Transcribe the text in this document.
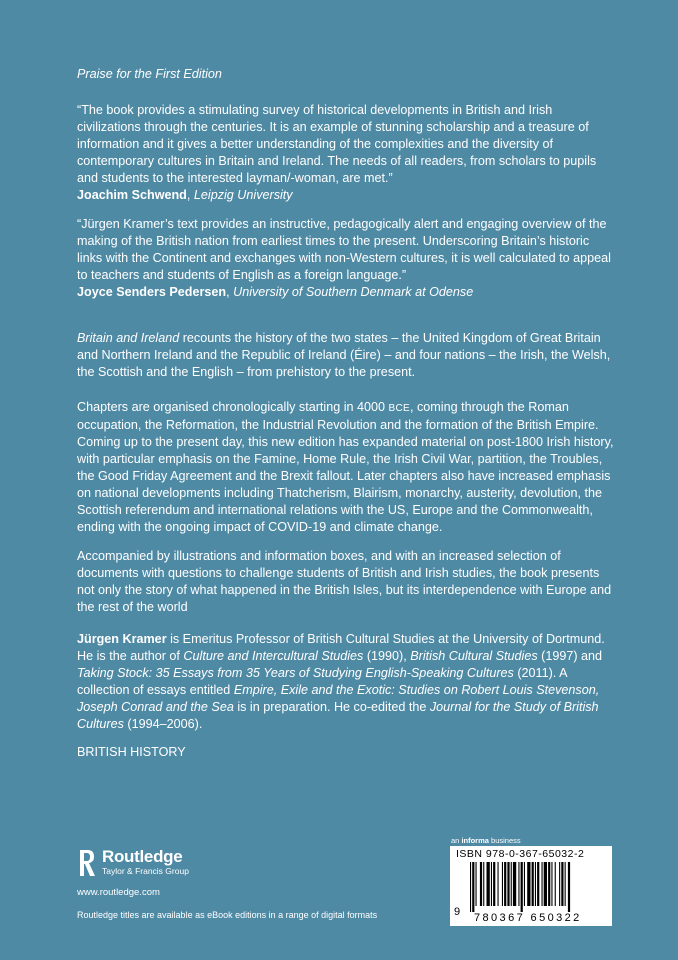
Praise for the First Edition
“The book provides a stimulating survey of historical developments in British and Irish civilizations through the centuries. It is an example of stunning scholarship and a treasure of information and it gives a better understanding of the complexities and the diversity of contemporary cultures in Britain and Ireland. The needs of all readers, from scholars to pupils and students to the interested layman/-woman, are met.”
Joachim Schwend, Leipzig University
“Jürgen Kramer’s text provides an instructive, pedagogically alert and engaging overview of the making of the British nation from earliest times to the present. Underscoring Britain’s historic links with the Continent and exchanges with non-Western cultures, it is well calculated to appeal to teachers and students of English as a foreign language.”
Joyce Senders Pedersen, University of Southern Denmark at Odense
Britain and Ireland recounts the history of the two states – the United Kingdom of Great Britain and Northern Ireland and the Republic of Ireland (Éire) – and four nations – the Irish, the Welsh, the Scottish and the English – from prehistory to the present.
Chapters are organised chronologically starting in 4000 BCE, coming through the Roman occupation, the Reformation, the Industrial Revolution and the formation of the British Empire. Coming up to the present day, this new edition has expanded material on post-1800 Irish history, with particular emphasis on the Famine, Home Rule, the Irish Civil War, partition, the Troubles, the Good Friday Agreement and the Brexit fallout. Later chapters also have increased emphasis on national developments including Thatcherism, Blairism, monarchy, austerity, devolution, the Scottish referendum and international relations with the US, Europe and the Commonwealth, ending with the ongoing impact of COVID-19 and climate change.
Accompanied by illustrations and information boxes, and with an increased selection of documents with questions to challenge students of British and Irish studies, the book presents not only the story of what happened in the British Isles, but its interdependence with Europe and the rest of the world
Jürgen Kramer is Emeritus Professor of British Cultural Studies at the University of Dortmund. He is the author of Culture and Intercultural Studies (1990), British Cultural Studies (1997) and Taking Stock: 35 Essays from 35 Years of Studying English-Speaking Cultures (2011). A collection of essays entitled Empire, Exile and the Exotic: Studies on Robert Louis Stevenson, Joseph Conrad and the Sea is in preparation. He co-edited the Journal for the Study of British Cultures (1994–2006).
BRITISH HISTORY
Routledge
Taylor & Francis Group
www.routledge.com
Routledge titles are available as eBook editions in a range of digital formats
an informa business
ISBN 978-0-367-65032-2
9 780367 650322
